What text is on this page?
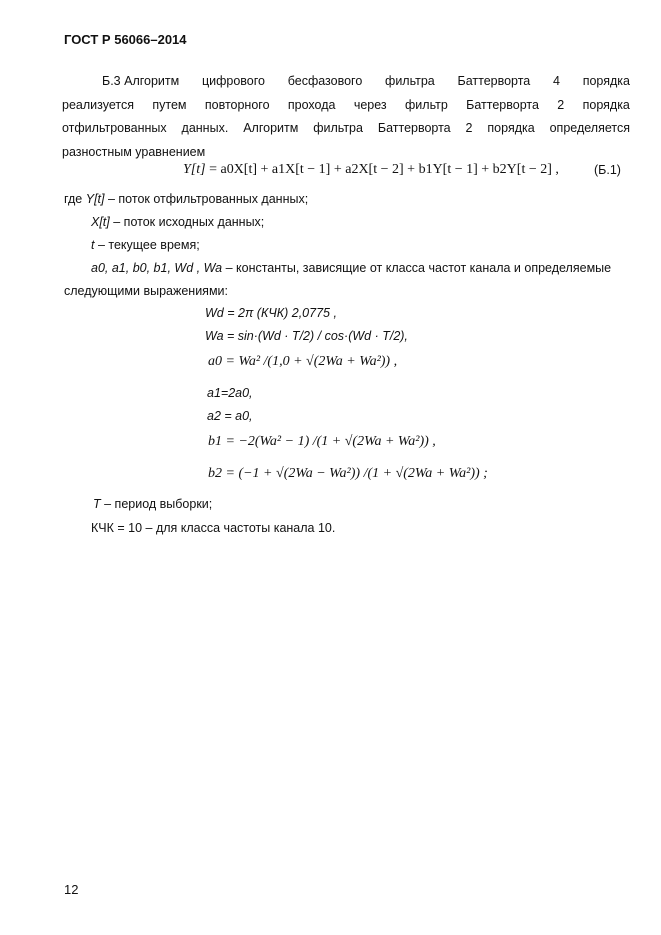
ГОСТ Р 56066–2014
Б.3 Алгоритм цифрового бесфазового фильтра Баттерворта 4 порядка
реализуется путем повторного прохода через фильтр Баттерворта 2 порядка
отфильтрованных данных. Алгоритм фильтра Баттерворта 2 порядка определяется
разностным уравнением
Y[t] = a0X[t] + a1X[t − 1] + a2X[t − 2] + b1Y[t − 1] + b2Y[t − 2] ,	(Б.1)
где Y[t] – поток отфильтрованных данных;
X[t] – поток исходных данных;
t – текущее время;
a0, a1, b0, b1, Wd , Wa – константы, зависящие от класса частот канала и определяемые
следующими выражениями:
Wd = 2π (КЧК) 2,0775 ,
Wa = sin·(Wd · T/2) / cos·(Wd · T/2),
a0 = Wa² /(1,0 + √(2Wa + Wa²)) ,
a1=2a0,
a2 = a0,
b1 = −2(Wa² − 1) /(1 + √(2Wa + Wa²)) ,
b2 = (−1 + √(2Wa − Wa²)) /(1 + √(2Wa + Wa²)) ;
T – период выборки;
КЧК = 10 – для класса частоты канала 10.
12
